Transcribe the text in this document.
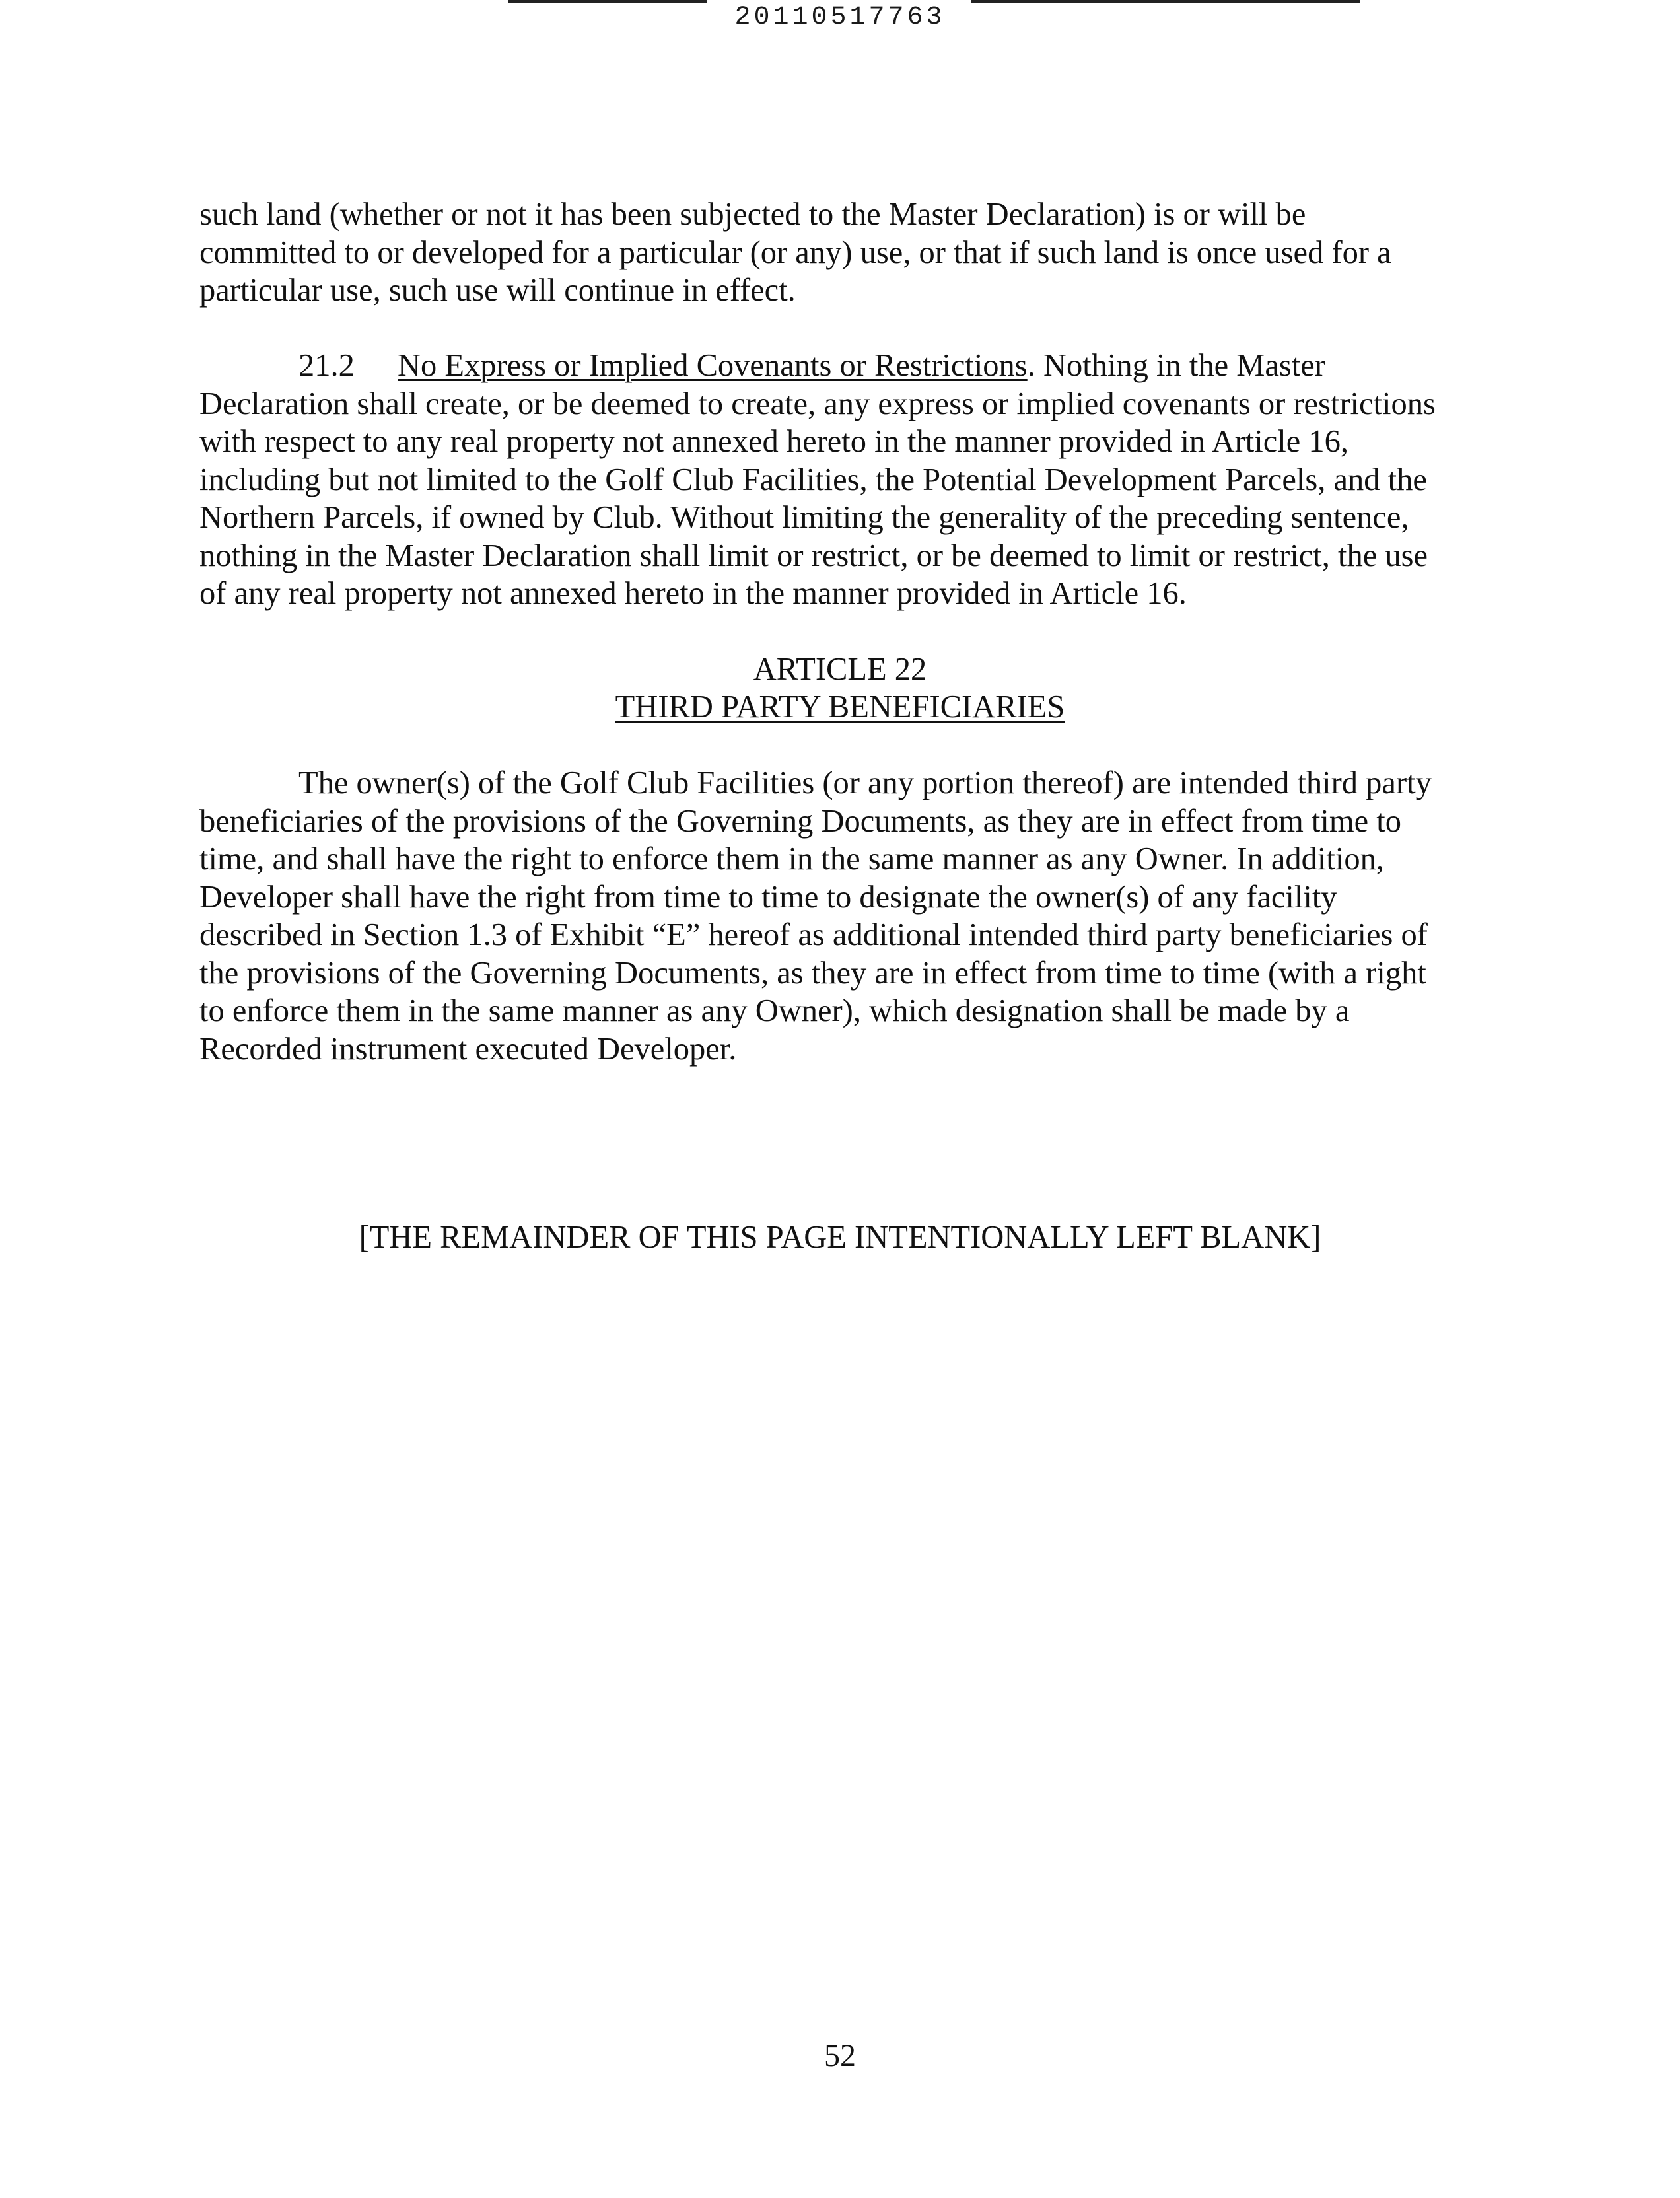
20110517763
such land (whether or not it has been subjected to the Master Declaration) is or will be
committed to or developed for a particular (or any) use, or that if such land is once used for a
particular use, such use will continue in effect.
21.2 No Express or Implied Covenants or Restrictions. Nothing in the Master
Declaration shall create, or be deemed to create, any express or implied covenants or restrictions
with respect to any real property not annexed hereto in the manner provided in Article 16,
including but not limited to the Golf Club Facilities, the Potential Development Parcels, and the
Northern Parcels, if owned by Club. Without limiting the generality of the preceding sentence,
nothing in the Master Declaration shall limit or restrict, or be deemed to limit or restrict, the use
of any real property not annexed hereto in the manner provided in Article 16.
ARTICLE 22
THIRD PARTY BENEFICIARIES
The owner(s) of the Golf Club Facilities (or any portion thereof) are intended third party
beneficiaries of the provisions of the Governing Documents, as they are in effect from time to
time, and shall have the right to enforce them in the same manner as any Owner. In addition,
Developer shall have the right from time to time to designate the owner(s) of any facility
described in Section 1.3 of Exhibit “E” hereof as additional intended third party beneficiaries of
the provisions of the Governing Documents, as they are in effect from time to time (with a right
to enforce them in the same manner as any Owner), which designation shall be made by a
Recorded instrument executed Developer.
[THE REMAINDER OF THIS PAGE INTENTIONALLY LEFT BLANK]
52
